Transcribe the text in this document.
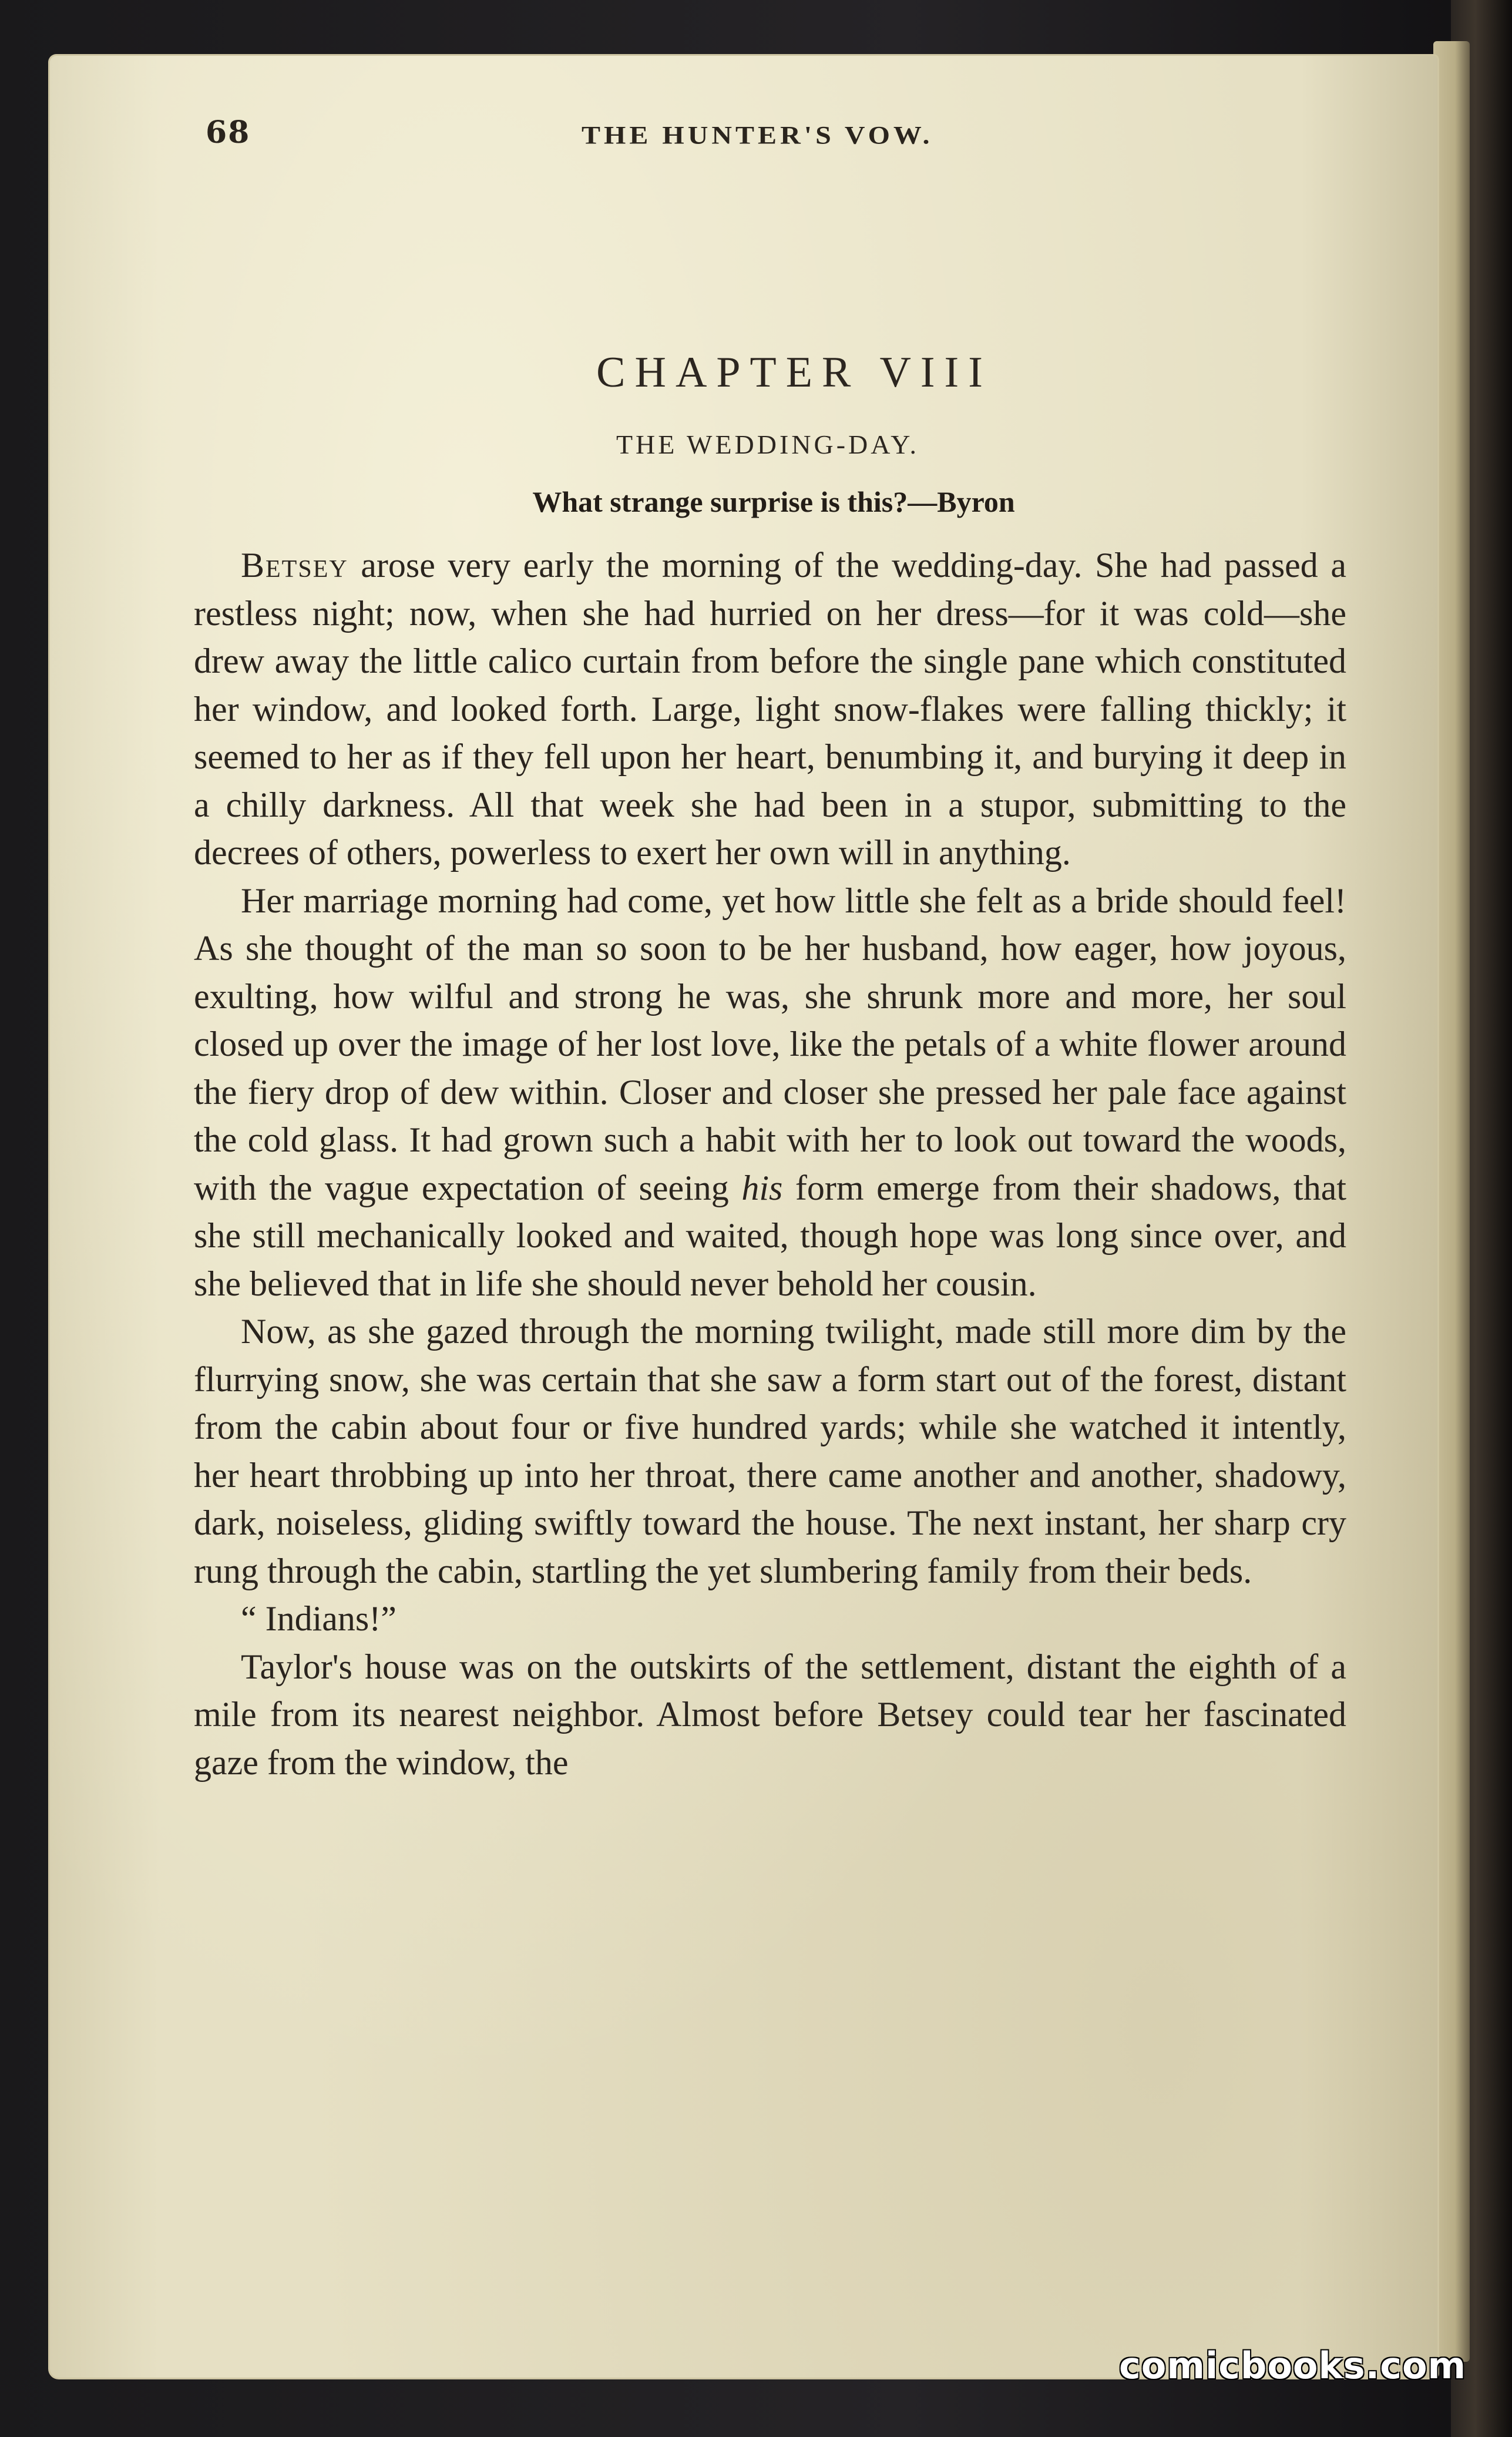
68	THE HUNTER'S VOW.
CHAPTER VIII
THE WEDDING-DAY.
What strange surprise is this?—Byron

Betsey arose very early the morning of the wedding-day. She had passed a restless night; now, when she had hurried on her dress—for it was cold—she drew away the little calico curtain from before the single pane which constituted her window, and looked forth. Large, light snow-flakes were falling thickly; it seemed to her as if they fell upon her heart, benumbing it, and burying it deep in a chilly darkness. All that week she had been in a stupor, submitting to the decrees of others, powerless to exert her own will in anything.

Her marriage morning had come, yet how little she felt as a bride should feel! As she thought of the man so soon to be her husband, how eager, how joyous, exulting, how wilful and strong he was, she shrunk more and more, her soul closed up over the image of her lost love, like the petals of a white flower around the fiery drop of dew within. Closer and closer she pressed her pale face against the cold glass. It had grown such a habit with her to look out toward the woods, with the vague expectation of seeing his form emerge from their shadows, that she still mechanically looked and waited, though hope was long since over, and she believed that in life she should never behold her cousin.

Now, as she gazed through the morning twilight, made still more dim by the flurrying snow, she was certain that she saw a form start out of the forest, distant from the cabin about four or five hundred yards; while she watched it intently, her heart throbbing up into her throat, there came another and another, shadowy, dark, noiseless, gliding swiftly toward the house. The next instant, her sharp cry rung through the cabin, startling the yet slumbering family from their beds.

“ Indians!”

Taylor's house was on the outskirts of the settlement, distant the eighth of a mile from its nearest neighbor. Almost before Betsey could tear her fascinated gaze from the window, the

comicbooks.com
